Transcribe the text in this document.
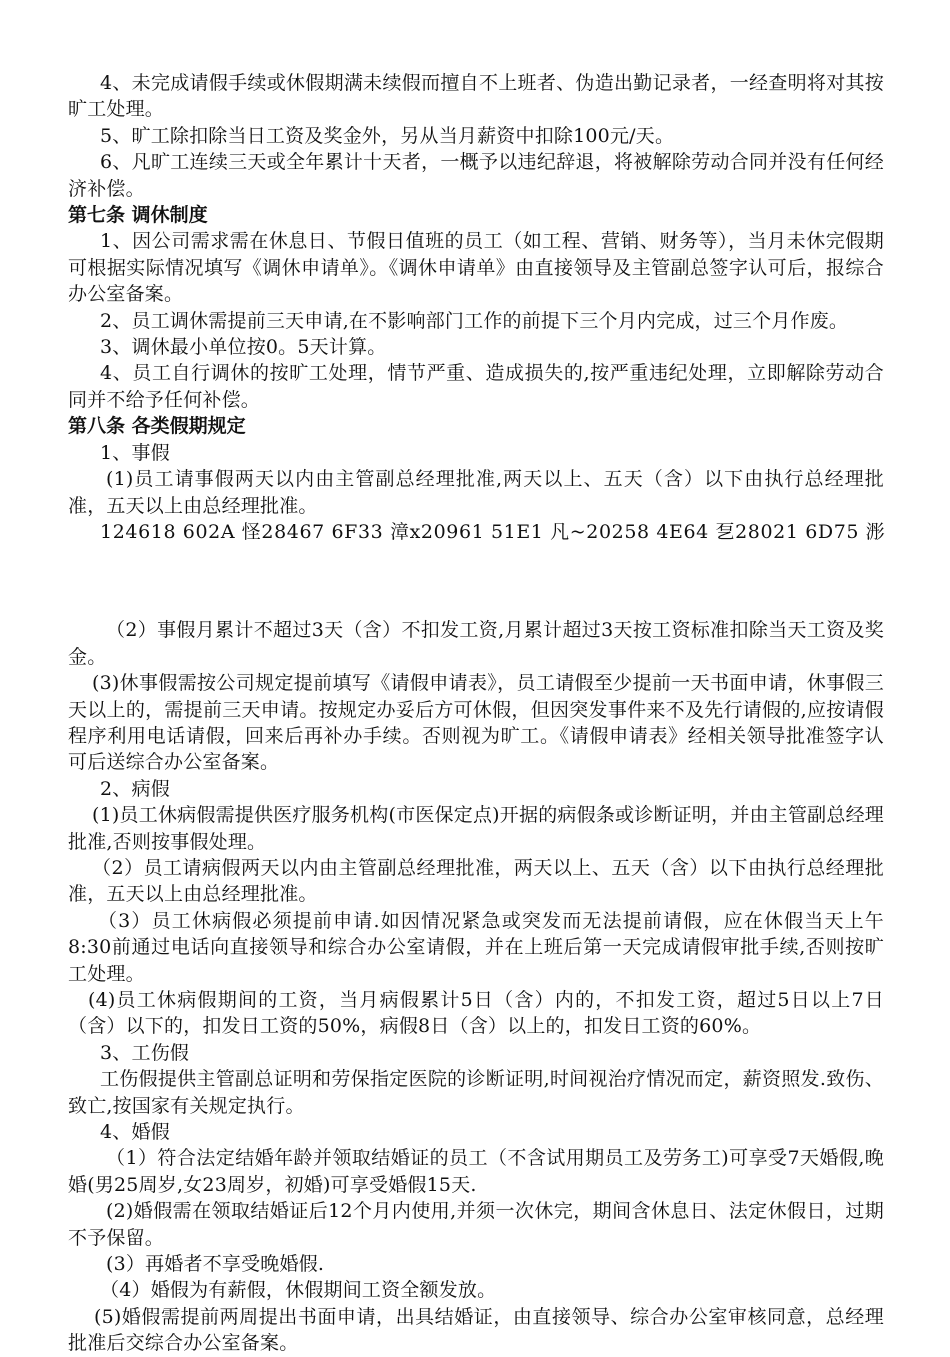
4、未完成请假手续或休假期满未续假而擅自不上班者、伪造出勤记录者，一经查明将对其按旷工处理。

5、旷工除扣除当日工资及奖金外，另从当月薪资中扣除100元/天。

6、凡旷工连续三天或全年累计十天者，一概予以违纪辞退，将被解除劳动合同并没有任何经济补偿。

第七条 调休制度

1、因公司需求需在休息日、节假日值班的员工（如工程、营销、财务等），当月未休完假期可根据实际情况填写《调休申请单》。《调休申请单》由直接领导及主管副总签字认可后，报综合办公室备案。

2、员工调休需提前三天申请,在不影响部门工作的前提下三个月内完成，过三个月作废。

3、调休最小单位按0。5天计算。

4、员工自行调休的按旷工处理，情节严重、造成损失的,按严重违纪处理，立即解除劳动合同并不给予任何补偿。

第八条 各类假期规定

1、事假

(1)员工请事假两天以内由主管副总经理批准,两天以上、五天（含）以下由执行总经理批准，五天以上由总经理批准。

124618 602A 怪28467 6F33 漳x20961 51E1 凡~20258 4E64 乭28021 6D75 浵

（2）事假月累计不超过3天（含）不扣发工资,月累计超过3天按工资标准扣除当天工资及奖金。

(3)休事假需按公司规定提前填写《请假申请表》，员工请假至少提前一天书面申请，休事假三天以上的，需提前三天申请。按规定办妥后方可休假，但因突发事件来不及先行请假的,应按请假程序利用电话请假，回来后再补办手续。否则视为旷工。《请假申请表》经相关领导批准签字认可后送综合办公室备案。

2、病假

(1)员工休病假需提供医疗服务机构(市医保定点)开据的病假条或诊断证明，并由主管副总经理批准,否则按事假处理。

（2）员工请病假两天以内由主管副总经理批准，两天以上、五天（含）以下由执行总经理批准，五天以上由总经理批准。

（3）员工休病假必须提前申请.如因情况紧急或突发而无法提前请假，应在休假当天上午8:30前通过电话向直接领导和综合办公室请假，并在上班后第一天完成请假审批手续,否则按旷工处理。

(4)员工休病假期间的工资，当月病假累计5日（含）内的，不扣发工资，超过5日以上7日（含）以下的，扣发日工资的50%，病假8日（含）以上的，扣发日工资的60%。

3、工伤假

工伤假提供主管副总证明和劳保指定医院的诊断证明,时间视治疗情况而定，薪资照发.致伤、致亡,按国家有关规定执行。

4、婚假

（1）符合法定结婚年龄并领取结婚证的员工（不含试用期员工及劳务工)可享受7天婚假,晚婚(男25周岁,女23周岁，初婚)可享受婚假15天.

(2)婚假需在领取结婚证后12个月内使用,并须一次休完，期间含休息日、法定休假日，过期不予保留。

(3）再婚者不享受晚婚假.

（4）婚假为有薪假，休假期间工资全额发放。

(5)婚假需提前两周提出书面申请，出具结婚证，由直接领导、综合办公室审核同意，总经理批准后交综合办公室备案。
